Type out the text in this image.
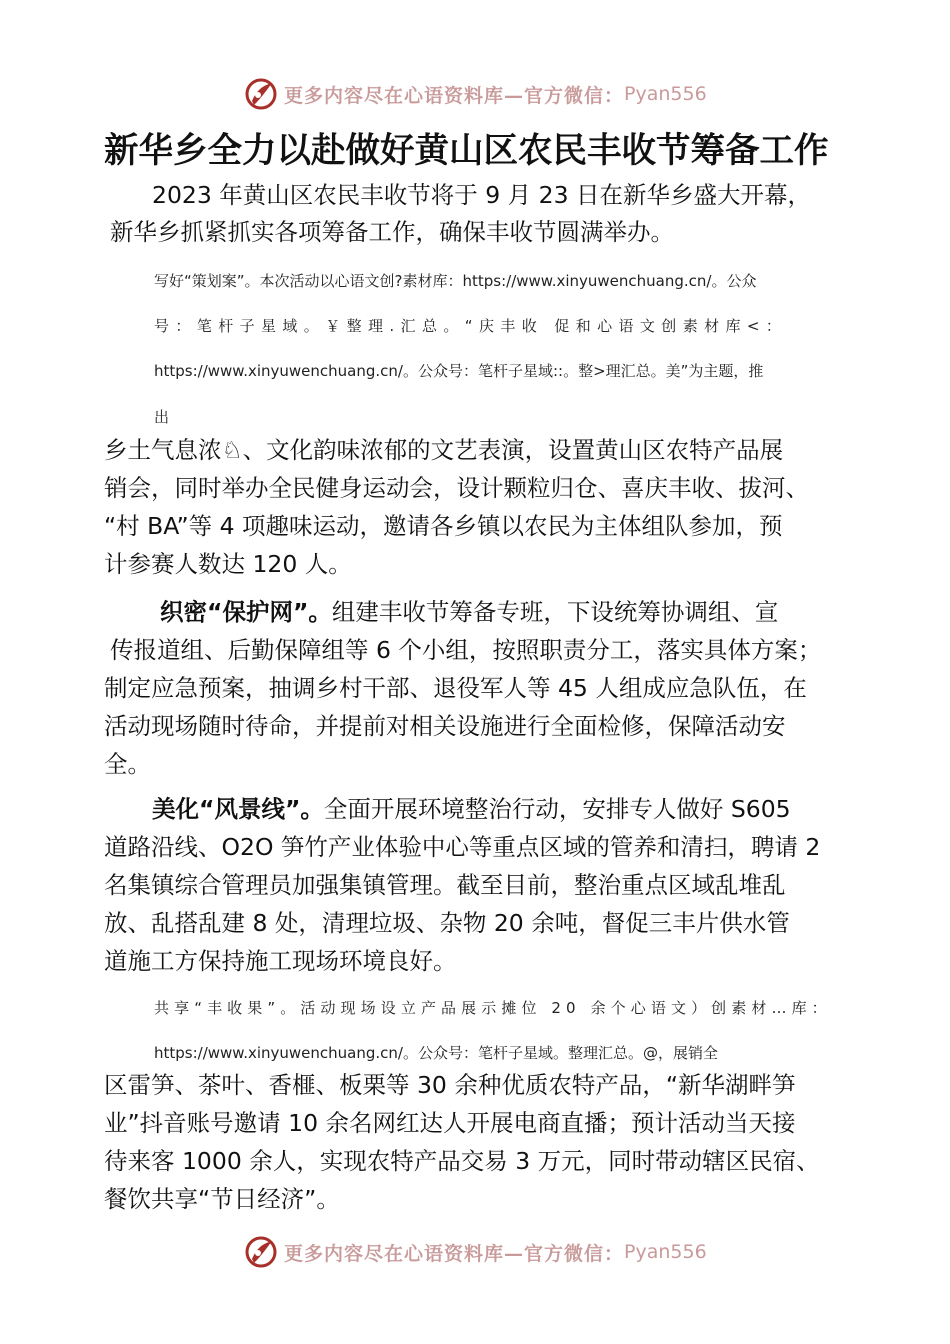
更多内容尽在心语资料库—官方微信： Pyan556
新华乡全力以赴做好黄山区农民丰收节筹备工作
2023 年黄山区农民丰收节将于 9 月 23 日在新华乡盛大开幕，
新华乡抓紧抓实各项筹备工作，确保丰收节圆满举办。
写好“策划案”。本次活动以心语文创?素材库：https://www.xinyuwenchuang.cn/。公众
号：笔杆子星域。￥整理.汇总。“庆丰收 促和心语文创素材库<：
https://www.xinyuwenchuang.cn/。公众号：笔杆子星域::。整>理汇总。美”为主题，推
出
乡土气息浓♘、文化韵味浓郁的文艺表演，设置黄山区农特产品展
销会，同时举办全民健身运动会，设计颗粒归仓、喜庆丰收、拔河、
“村 BA”等 4 项趣味运动，邀请各乡镇以农民为主体组队参加，预
计参赛人数达 120 人。
织密“保护网”。组建丰收节筹备专班，下设统筹协调组、宣
传报道组、后勤保障组等 6 个小组，按照职责分工，落实具体方案；
制定应急预案，抽调乡村干部、退役军人等 45 人组成应急队伍，在
活动现场随时待命，并提前对相关设施进行全面检修，保障活动安
全。
美化“风景线”。全面开展环境整治行动，安排专人做好 S605
道路沿线、O2O 笋竹产业体验中心等重点区域的管养和清扫，聘请 2
名集镇综合管理员加强集镇管理。截至目前，整治重点区域乱堆乱
放、乱搭乱建 8 处，清理垃圾、杂物 20 余吨，督促三丰片供水管
道施工方保持施工现场环境良好。
共享“丰收果”。活动现场设立产品展示摊位 20 余个心语文）创素材…库：
https://www.xinyuwenchuang.cn/。公众号：笔杆子星域。整理汇总。@，展销全
区雷笋、茶叶、香榧、板栗等 30 余种优质农特产品，“新华湖畔笋
业”抖音账号邀请 10 余名网红达人开展电商直播；预计活动当天接
待来客 1000 余人，实现农特产品交易 3 万元，同时带动辖区民宿、
餐饮共享“节日经济”。
更多内容尽在心语资料库—官方微信： Pyan556
